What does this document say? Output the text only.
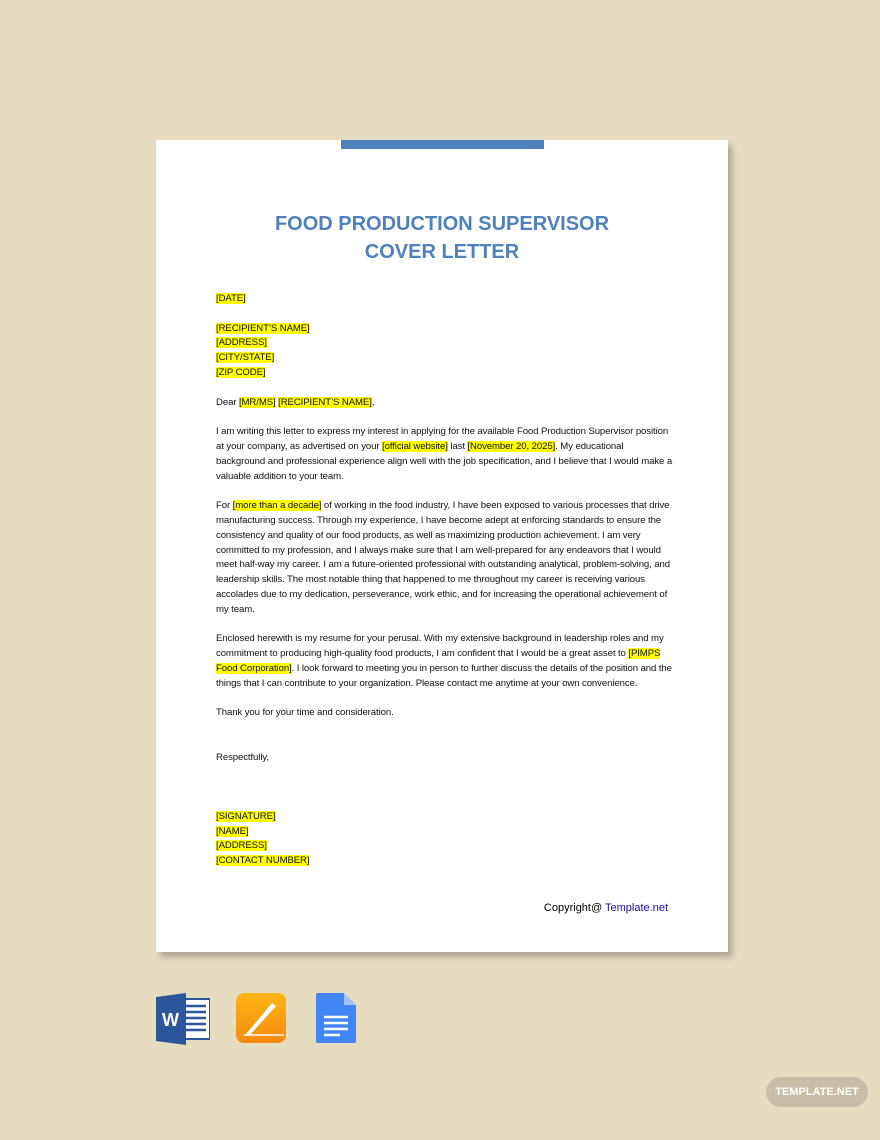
FOOD PRODUCTION SUPERVISOR
COVER LETTER
[DATE]
[RECIPIENT’S NAME]
[ADDRESS]
[CITY/STATE]
[ZIP CODE]

Dear [MR/MS] [RECIPIENT’S NAME],

I am writing this letter to express my interest in applying for the available Food Production Supervisor position at your company, as advertised on your [official website] last [November 20, 2025]. My educational background and professional experience align well with the job specification, and I believe that I would make a valuable addition to your team.

For [more than a decade] of working in the food industry, I have been exposed to various processes that drive manufacturing success. Through my experience, I have become adept at enforcing standards to ensure the consistency and quality of our food products, as well as maximizing production achievement. I am very committed to my profession, and I always make sure that I am well-prepared for any endeavors that I would meet half-way my career. I am a future-oriented professional with outstanding analytical, problem-solving, and leadership skills. The most notable thing that happened to me throughout my career is receiving various accolades due to my dedication, perseverance, work ethic, and for increasing the operational achievement of my team.

Enclosed herewith is my resume for your perusal. With my extensive background in leadership roles and my commitment to producing high-quality food products, I am confident that I would be a great asset to [PIMPS Food Corporation]. I look forward to meeting you in person to further discuss the details of the position and the things that I can contribute to your organization. Please contact me anytime at your own convenience.

Thank you for your time and consideration.

Respectfully,

[SIGNATURE]
[NAME]
[ADDRESS]
[CONTACT NUMBER]
Copyright@ Template.net
W
TEMPLATE.NET
